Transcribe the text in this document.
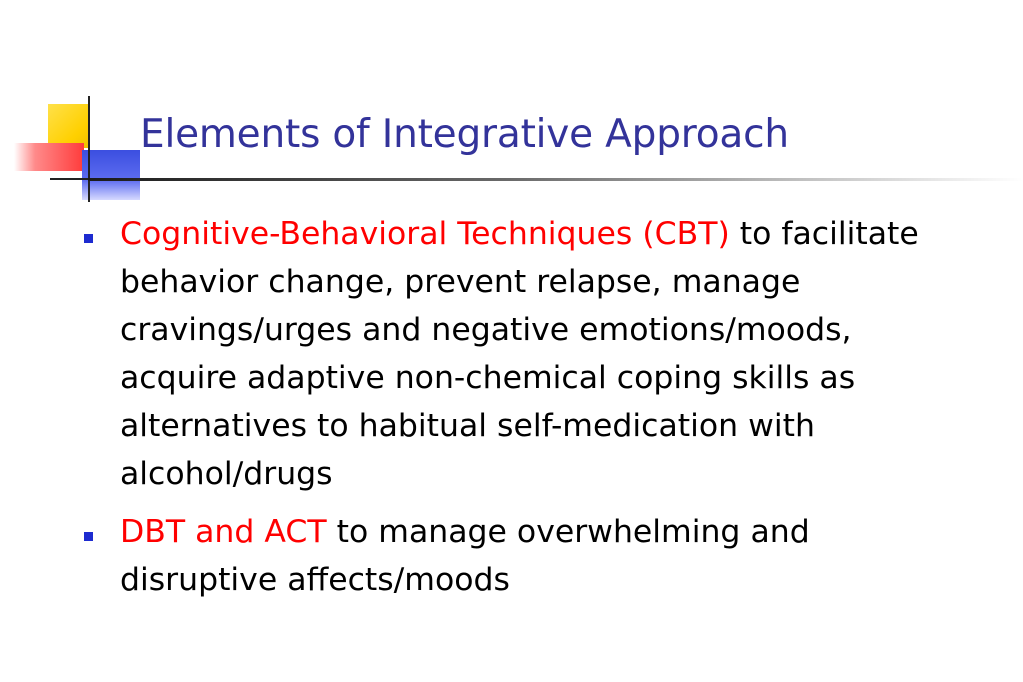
Elements of Integrative Approach
Cognitive-Behavioral Techniques (CBT) to facilitate behavior change, prevent relapse, manage cravings/urges and negative emotions/moods, acquire adaptive non-chemical coping skills as alternatives to habitual self-medication with alcohol/drugs
DBT and ACT to manage overwhelming and disruptive affects/moods
